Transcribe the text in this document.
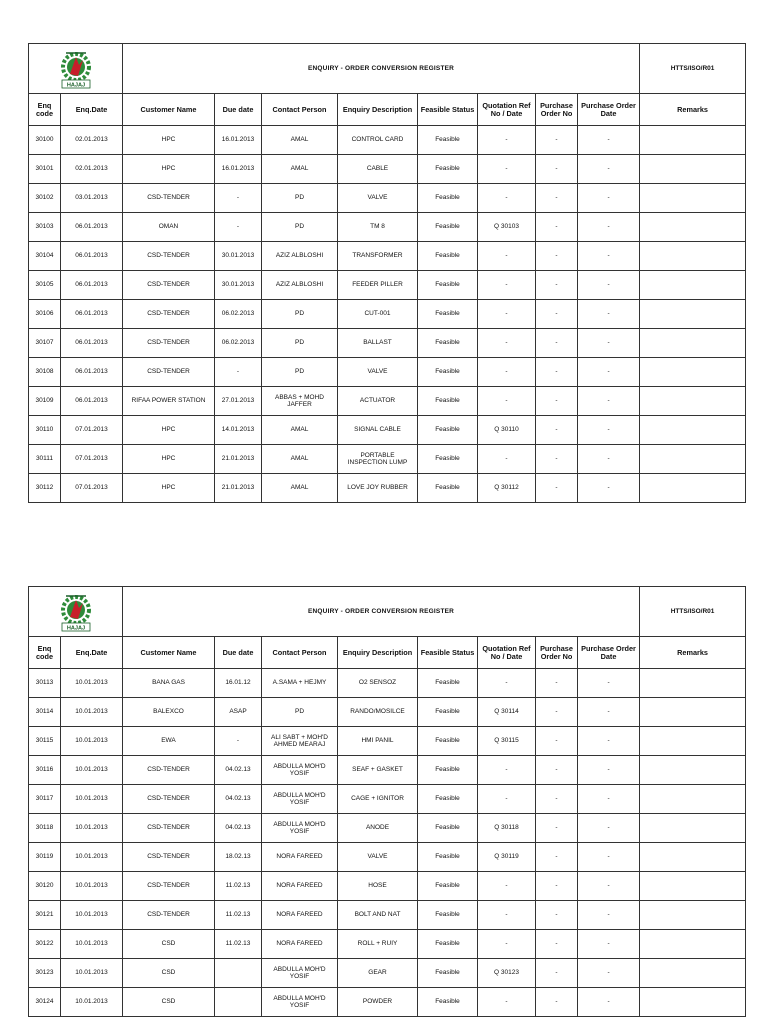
HAJAJ		ENQUIRY - ORDER CONVERSION REGISTER								HTTS/ISO/R01
Enq code	Enq.Date	Customer Name	Due date	Contact Person	Enquiry Description	Feasible Status	Quotation Ref No / Date	Purchase Order No	Purchase Order Date	Remarks
30100	02.01.2013	HPC	16.01.2013	AMAL	CONTROL CARD	Feasible	-	-	-	
30101	02.01.2013	HPC	16.01.2013	AMAL	CABLE	Feasible	-	-	-	
30102	03.01.2013	CSD-TENDER	-	PD	VALVE	Feasible	-	-	-	
30103	06.01.2013	OMAN	-	PD	TM 8	Feasible	Q 30103	-	-	
30104	06.01.2013	CSD-TENDER	30.01.2013	AZIZ ALBLOSHI	TRANSFORMER	Feasible	-	-	-	
30105	06.01.2013	CSD-TENDER	30.01.2013	AZIZ ALBLOSHI	FEEDER PILLER	Feasible	-	-	-	
30106	06.01.2013	CSD-TENDER	06.02.2013	PD	CUT-001	Feasible	-	-	-	
30107	06.01.2013	CSD-TENDER	06.02.2013	PD	BALLAST	Feasible	-	-	-	
30108	06.01.2013	CSD-TENDER	-	PD	VALVE	Feasible	-	-	-	
30109	06.01.2013	RIFAA POWER STATION	27.01.2013	ABBAS + MOHD JAFFER	ACTUATOR	Feasible	-	-	-	
30110	07.01.2013	HPC	14.01.2013	AMAL	SIGNAL CABLE	Feasible	Q 30110	-	-	
30111	07.01.2013	HPC	21.01.2013	AMAL	PORTABLE INSPECTION LUMP	Feasible	-	-	-	
30112	07.01.2013	HPC	21.01.2013	AMAL	LOVE JOY RUBBER	Feasible	Q 30112	-	-	
HAJAJ		ENQUIRY - ORDER CONVERSION REGISTER								HTTS/ISO/R01
Enq code	Enq.Date	Customer Name	Due date	Contact Person	Enquiry Description	Feasible Status	Quotation Ref No / Date	Purchase Order No	Purchase Order Date	Remarks
30113	10.01.2013	BANA GAS	16.01.12	A.SAMA + HEJMY	O2 SENSOZ	Feasible	-	-	-	
30114	10.01.2013	BALEXCO	ASAP	PD	RANDO/MOSILCE	Feasible	Q 30114	-	-	
30115	10.01.2013	EWA	-	ALI SABT + MOH'D AHMED MEARAJ	HMI PANIL	Feasible	Q 30115	-	-	
30116	10.01.2013	CSD-TENDER	04.02.13	ABDULLA MOH'D YOSIF	SEAF + GASKET	Feasible	-	-	-	
30117	10.01.2013	CSD-TENDER	04.02.13	ABDULLA MOH'D YOSIF	CAGE + IGNITOR	Feasible	-	-	-	
30118	10.01.2013	CSD-TENDER	04.02.13	ABDULLA MOH'D YOSIF	ANODE	Feasible	Q 30118	-	-	
30119	10.01.2013	CSD-TENDER	18.02.13	NORA FAREED	VALVE	Feasible	Q 30119	-	-	
30120	10.01.2013	CSD-TENDER	11.02.13	NORA FAREED	HOSE	Feasible	-	-	-	
30121	10.01.2013	CSD-TENDER	11.02.13	NORA FAREED	BOLT AND NAT	Feasible	-	-	-	
30122	10.01.2013	CSD	11.02.13	NORA FAREED	ROLL + RUIY	Feasible	-	-	-	
30123	10.01.2013	CSD		ABDULLA MOH'D YOSIF	GEAR	Feasible	Q 30123	-	-	
30124	10.01.2013	CSD		ABDULLA MOH'D YOSIF	POWDER	Feasible	-	-	-	
